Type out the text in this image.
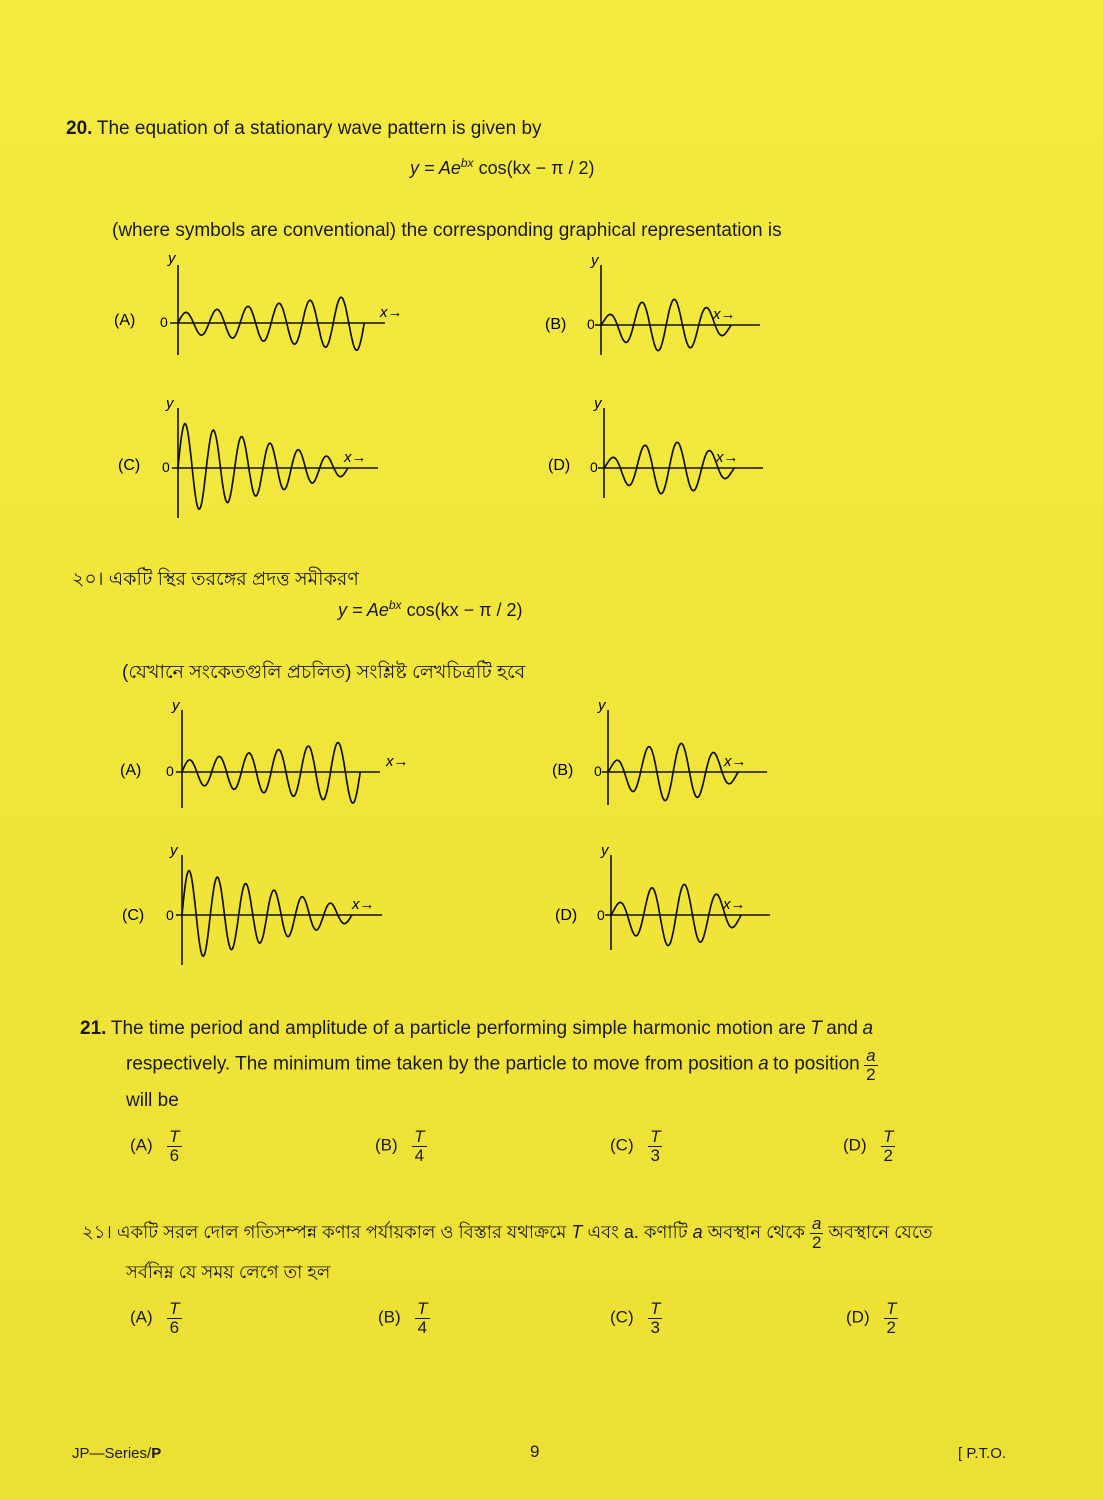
20. The equation of a stationary wave pattern is given by
$y = Ae^{bx}$ cos(kx − π / 2)
(where symbols are conventional) the corresponding graphical representation is
(A) 0
y
x→
(B) 0
y
x→
(C) 0
y
x→	(D) 0
y
x→
২০। একটি স্থির তরঙ্গের প্রদত্ত সমীকরণ
$y = Ae^{bx}$ cos(kx − π / 2)
(যেখানে সংকেতগুলি প্রচলিত) সংশ্লিষ্ট লেখচিত্রটি হবে
(A) 0
y
x→
(B) 0
y
x→
(C) 0
y
x→
(D) 0
y
x→
21. The time period and amplitude of a particle performing simple harmonic motion are T and a
respectively. The minimum time taken by the particle to move from position a to position $\frac{a}{2}$
will be
$(A) \frac{T}{6}$	$(B) \frac{T}{4}$	$(C) \frac{T}{3}$	$(D) \frac{T}{2}$
২১। একটি সরল দোল গতিসম্পন্ন কণার পর্যায়কাল ও বিস্তার যথাক্রমে T এবং a. কণাটি a অবস্থান থেকে $\frac{a}{2}$ অবস্থানে যেতে
সর্বনিম্ন যে সময় লেগে তা হল
$(A) \frac{T}{6}$	$(B) \frac{T}{4}$	$(C) \frac{T}{3}$	$(D) \frac{T}{2}$
JP—Series/P	9	[ P.T.O.
